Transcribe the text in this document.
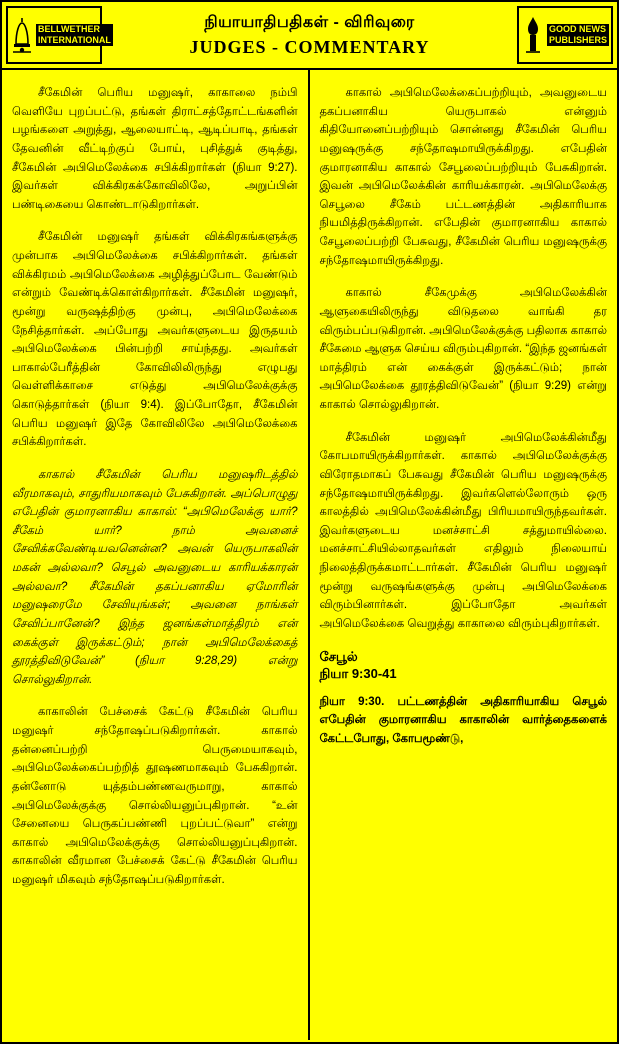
BELLWETHER
INTERNATIONAL
நியாயாதிபதிகள் - விரிவுரை
JUDGES - COMMENTARY
GOOD NEWS
PUBLISHERS

சீகேமின் பெரிய மனுஷர், காகாலை நம்பி வெளியே புறப்பட்டு, தங்கள் திராட்சத்தோட்டங்களின் பழங்களை அறுத்து, ஆலையாட்டி, ஆடிப்பாடி, தங்கள் தேவனின் வீட்டிற்குப் போய், புசித்துக் குடித்து, சீகேமின் அபிமெலேக்கை சபிக்கிறார்கள் (நியா 9:27). இவர்கள் விக்கிரகக்கோவிலிலே, அறுப்பின் பண்டிகையை கொண்டாடுகிறார்கள்.

சீகேமின் மனுஷர் தங்கள் விக்கிரகங்களுக்கு முன்பாக அபிமெலேக்கை சபிக்கிறார்கள். தங்கள் விக்கிரமம் அபிமெலேக்கை அழித்துப்போட வேண்டும் என்றும் வேண்டிக்கொள்கிறார்கள். சீகேமின் மனுஷர், மூன்று வருஷத்திற்கு முன்பு, அபிமெலேக்கை நேசித்தார்கள். அப்போது அவர்களுடைய இருதயம் அபிமெலேக்கை பின்பற்றி சாய்ந்தது. அவர்கள் பாகால்பேரீத்தின் கோவிலிலிருந்து எழுபது வெள்ளிக்காசை எடுத்து அபிமெலேக்குக்கு கொடுத்தார்கள் (நியா 9:4). இப்போதோ, சீகேமின் பெரிய மனுஷர் இதே கோவிலிலே அபிமெலேக்கை சபிக்கிறார்கள்.

காகால் சீகேமின் பெரிய மனுஷரிடத்தில் வீரமாகவும், சாதுரியமாகவும் பேசுகிறான். அப்பொழுது எபேதின் குமாரனாகிய காகால்: “அபிமெலேக்கு யார்? சீகேம் யார்? நாம் அவனைச் சேவிக்கவேண்டியவனென்ன? அவன் யெருபாகலின் மகன் அல்லவா? செபூல் அவனுடைய காரியக்காரன் அல்லவா? சீகேமின் தகப்பனாகிய ஏமோரின் மனுஷரைமே சேவியுங்கள்; அவனை நாங்கள் சேவிப்பானேன்? இந்த ஜனங்கள்மாத்திரம் என் கைக்குள் இருக்கட்டும்; நான் அபிமெலேக்கைத் தூரத்திவிடுவேன்” (நியா 9:28,29) என்று சொல்லுகிறான்.

காகாலின் பேச்சைக் கேட்டு சீகேமின் பெரிய மனுஷர் சந்தோஷப்படுகிறார்கள். காகால் தன்னைப்பற்றி பெருமையாகவும், அபிமெலேக்கைப்பற்றித் தூஷணமாகவும் பேசுகிறான். தன்னோடு யுத்தம்பண்ணவருமாறு, காகால் அபிமெலேக்குக்கு சொல்லியனுப்புகிறான். “உன் சேனையை பெருகப்பண்ணி புறப்பட்டுவா” என்று காகால் அபிமெலேக்குக்கு சொல்லியனுப்புகிறான். காகாலின் வீரமான பேச்சைக் கேட்டு சீகேமின் பெரிய மனுஷர் மிகவும் சந்தோஷப்படுகிறார்கள்.

காகால் அபிமெலேக்கைப்பற்றியும், அவனுடைய தகப்பனாகிய யெருபாகல் என்னும் கிதியோனைப்பற்றியும் சொன்னது சீகேமின் பெரிய மனுஷருக்கு சந்தோஷமாயிருக்கிறது. எபேதின் குமாரனாகிய காகால் சேபூலைப்பற்றியும் பேசுகிறான். இவன் அபிமெலேக்கின் காரியக்காரன். அபிமெலேக்கு செபூலை சீகேம் பட்டணத்தின் அதிகாரியாக நியமித்திருக்கிறான். எபேதின் குமாரனாகிய காகால் சேபூலைப்பற்றி பேசுவது, சீகேமின் பெரிய மனுஷருக்கு சந்தோஷமாயிருக்கிறது.

காகால் சீகேமுக்கு அபிமெலேக்கின் ஆளுகையிலிருந்து விடுதலை வாங்கி தர விரும்பப்படுகிறான். அபிமெலேக்குக்கு பதிலாக காகால் சீகேமை ஆளுக செய்ய விரும்புகிறான். “இந்த ஜனங்கள் மாத்திரம் என் கைக்குள் இருக்கட்டும்; நான் அபிமெலேக்கை தூரத்திவிடுவேன்” (நியா 9:29) என்று காகால் சொல்லுகிறான்.

சீகேமின் மனுஷர் அபிமெலேக்கின்மீது கோபமாயிருக்கிறார்கள். காகால் அபிமெலேக்குக்கு விரோதமாகப் பேசுவது சீகேமின் பெரிய மனுஷருக்கு சந்தோஷமாயிருக்கிறது. இவர்களெல்லோரும் ஒரு காலத்தில் அபிமெலேக்கின்மீது பிரியமாயிருந்தவர்கள். இவர்களுடைய மனச்சாட்சி சத்துமாயில்லை. மனச்சாட்சியில்லாதவர்கள் எதிலும் நிலையாய் நிலைத்திருக்கமாட்டார்கள். சீகேமின் பெரிய மனுஷர் மூன்று வருஷங்களுக்கு முன்பு அபிமெலேக்கை விரும்பினார்கள். இப்போதோ அவர்கள் அபிமெலேக்கை வெறுத்து காகாலை விரும்புகிறார்கள்.

சேபூல்
நியா 9:30-41

நியா 9:30. பட்டணத்தின் அதிகாரியாகிய செபூல் எபேதின் குமாரனாகிய காகாலின் வார்த்தைகளைக் கேட்டபோது, கோபமூண்டு,
